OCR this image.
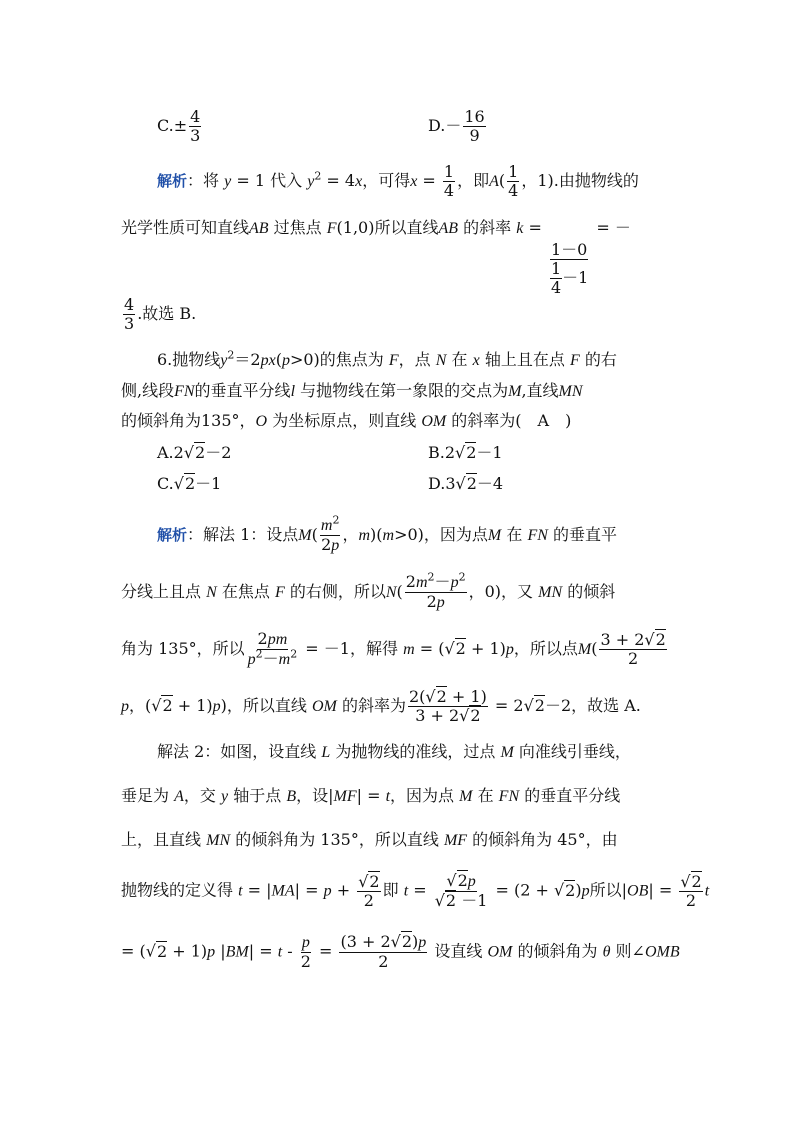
$C.\pm \frac{4}{3}$	$D.- \frac{16}{9}$
解析：将 y = 1 代入 $y^2 = 4x$，可得$x = \frac{1}{4}$ ，即$A( \frac{1}{4}$ ，1).由抛物线的
光学性质可知直线AB 过焦点 F(1,0)所以直线AB 的斜率 k =
$\frac{1-0}{\frac{1}{4} -1}$
= －
$\frac{4}{3}$ .故选 B.
6.抛物线$y^2=2px(p>0)$的焦点为 F，点 N 在 x 轴上且在点 F 的右
侧,线段FN的垂直平分线l 与抛物线在第一象限的交点为M,直线MN
的倾斜角为135°，O 为坐标原点，则直线 OM 的斜率为(　A　)
A.2√2－2	B.2√2－1
C.√2－1	D.3√2－4
解析：解法 1：设点$M( \frac{m^2}{2p}$ ，m)(m>0)，因为点M 在 FN 的垂直平
分线上且点 N 在焦点 F 的右侧，所以$N( \frac{2m^2-p^2}{2p}$ ，0)，又 MN 的倾斜
角为 135°，所以 $\frac{2pm}{p^2-m^2} = -1$，解得 m = (√2 + 1)p，所以点$M( \frac{3 + 2√2}{2}$
p，(√2 + 1)p)，所以直线 OM 的斜率为 $\frac{2(√2 + 1)}{3 + 2√2} = 2√2-2$，故选 A.
解法 2：如图，设直线 L 为抛物线的准线，过点 M 向准线引垂线，
垂足为 A，交 y 轴于点 B，设|MF| = t，因为点 M 在 FN 的垂直平分线
上，且直线 MN 的倾斜角为 135°，所以直线 MF 的倾斜角为 45°，由
抛物线的定义得 $t = |MA| = p + \frac{√2}{2}$ 即 $t = \frac{√2p}{√2 -1} = (2 + √2)p$所以$|OB| = \frac{√2}{2}$ t
= (√2 + 1)p $|BM| = t - \frac{p}{2} = \frac{(3 + 2√2)p}{2}$ 设直线 OM 的倾斜角为 θ 则∠OMB
